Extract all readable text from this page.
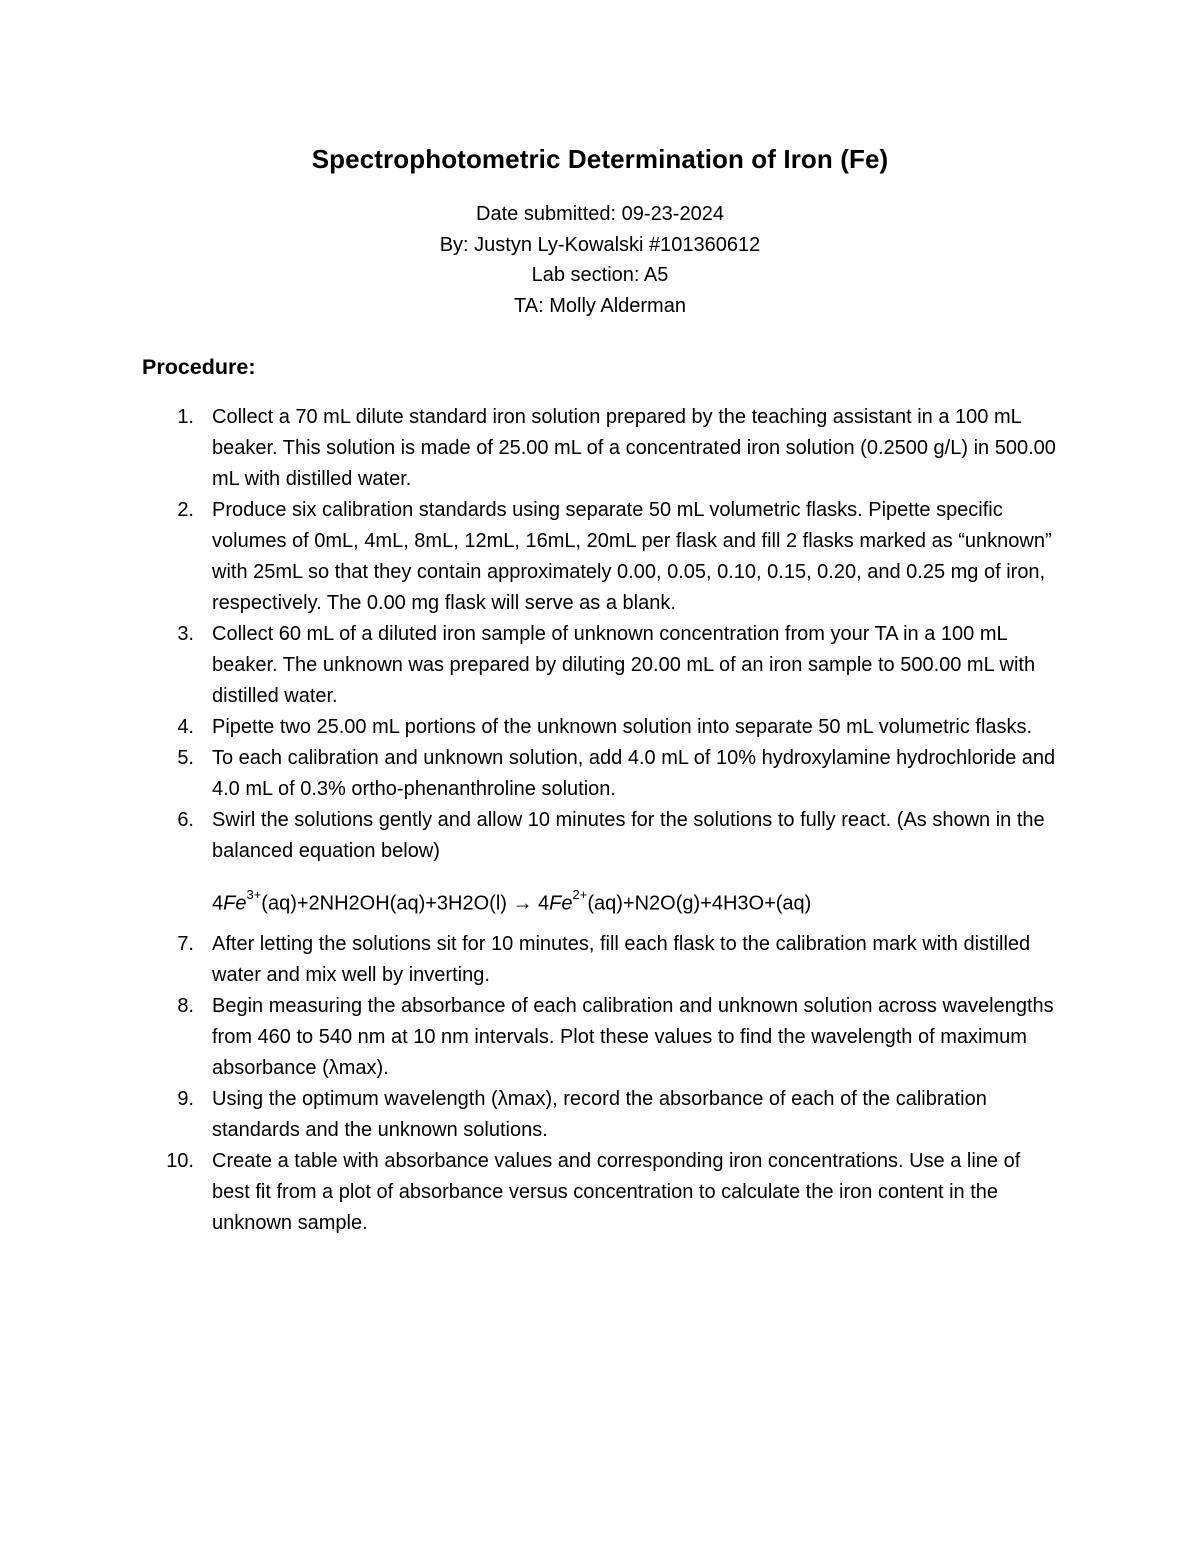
Spectrophotometric Determination of Iron (Fe)
Date submitted: 09-23-2024
By: Justyn Ly-Kowalski #101360612
Lab section: A5
TA: Molly Alderman
Procedure:
1. Collect a 70 mL dilute standard iron solution prepared by the teaching assistant in a 100 mL beaker. This solution is made of 25.00 mL of a concentrated iron solution (0.2500 g/L) in 500.00 mL with distilled water.
2. Produce six calibration standards using separate 50 mL volumetric flasks. Pipette specific volumes of 0mL, 4mL, 8mL, 12mL, 16mL, 20mL per flask and fill 2 flasks marked as “unknown” with 25mL so that they contain approximately 0.00, 0.05, 0.10, 0.15, 0.20, and 0.25 mg of iron, respectively. The 0.00 mg flask will serve as a blank.
3. Collect 60 mL of a diluted iron sample of unknown concentration from your TA in a 100 mL beaker. The unknown was prepared by diluting 20.00 mL of an iron sample to 500.00 mL with distilled water.
4. Pipette two 25.00 mL portions of the unknown solution into separate 50 mL volumetric flasks.
5. To each calibration and unknown solution, add 4.0 mL of 10% hydroxylamine hydrochloride and 4.0 mL of 0.3% ortho-phenanthroline solution.
6. Swirl the solutions gently and allow 10 minutes for the solutions to fully react. (As shown in the balanced equation below)
$4Fe^{3+}(aq)+2NH2OH(aq)+3H2O(l) \to 4Fe^{2+}(aq)+N2O(g)+4H3O+(aq)$
7. After letting the solutions sit for 10 minutes, fill each flask to the calibration mark with distilled water and mix well by inverting.
8. Begin measuring the absorbance of each calibration and unknown solution across wavelengths from 460 to 540 nm at 10 nm intervals. Plot these values to find the wavelength of maximum absorbance (λmax).
9. Using the optimum wavelength (λmax), record the absorbance of each of the calibration standards and the unknown solutions.
10. Create a table with absorbance values and corresponding iron concentrations. Use a line of best fit from a plot of absorbance versus concentration to calculate the iron content in the unknown sample.
